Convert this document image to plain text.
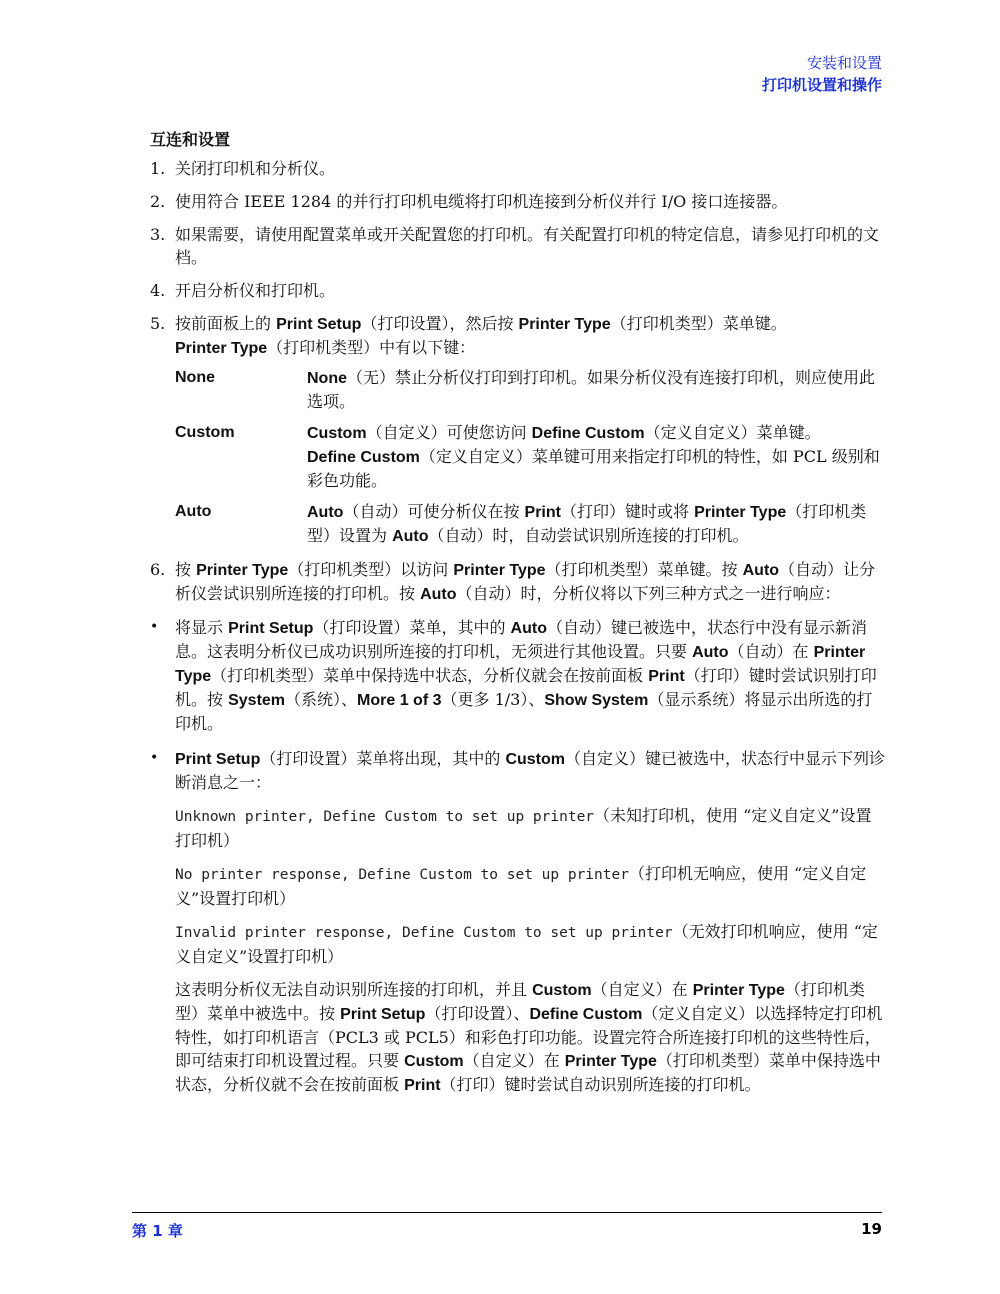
安装和设置
打印机设置和操作
互连和设置
1. 关闭打印机和分析仪。
2. 使用符合 IEEE 1284 的并行打印机电缆将打印机连接到分析仪并行 I/O 接口连接器。
3. 如果需要，请使用配置菜单或开关配置您的打印机。有关配置打印机的特定信息，请参见打印机的文档。
4. 开启分析仪和打印机。
5. 按前面板上的 Print Setup（打印设置），然后按 Printer Type（打印机类型）菜单键。
Printer Type（打印机类型）中有以下键：
None	None（无）禁止分析仪打印到打印机。如果分析仪没有连接打印机，则应使用此选项。
Custom	Custom（自定义）可使您访问 Define Custom（定义自定义）菜单键。
Define Custom（定义自定义）菜单键可用来指定打印机的特性，如 PCL 级别和彩色功能。
Auto	Auto（自动）可使分析仪在按 Print（打印）键时或将 Printer Type（打印机类型）设置为 Auto（自动）时，自动尝试识别所连接的打印机。
6. 按 Printer Type（打印机类型）以访问 Printer Type（打印机类型）菜单键。按 Auto（自动）让分析仪尝试识别所连接的打印机。按 Auto（自动）时，分析仪将以下列三种方式之一进行响应：
•	将显示 Print Setup（打印设置）菜单，其中的 Auto（自动）键已被选中，状态行中没有显示新消息。这表明分析仪已成功识别所连接的打印机，无须进行其他设置。只要 Auto（自动）在 Printer Type（打印机类型）菜单中保持选中状态，分析仪就会在按前面板 Print（打印）键时尝试识别打印机。按 System（系统）、More 1 of 3（更多 1/3）、Show System（显示系统）将显示出所选的打印机。
•	Print Setup（打印设置）菜单将出现，其中的 Custom（自定义）键已被选中，状态行中显示下列诊断消息之一：
Unknown printer, Define Custom to set up printer（未知打印机，使用 “定义自定义”设置打印机）
No printer response, Define Custom to set up printer（打印机无响应，使用 “定义自定义”设置打印机）
Invalid printer response, Define Custom to set up printer（无效打印机响应，使用 “定义自定义”设置打印机）
这表明分析仪无法自动识别所连接的打印机，并且 Custom（自定义）在 Printer Type（打印机类型）菜单中被选中。按 Print Setup（打印设置）、Define Custom（定义自定义）以选择特定打印机特性，如打印机语言（PCL3 或 PCL5）和彩色打印功能。设置完符合所连接打印机的这些特性后，即可结束打印机设置过程。只要 Custom（自定义）在 Printer Type（打印机类型）菜单中保持选中状态，分析仪就不会在按前面板 Print（打印）键时尝试自动识别所连接的打印机。
第 1 章	19
